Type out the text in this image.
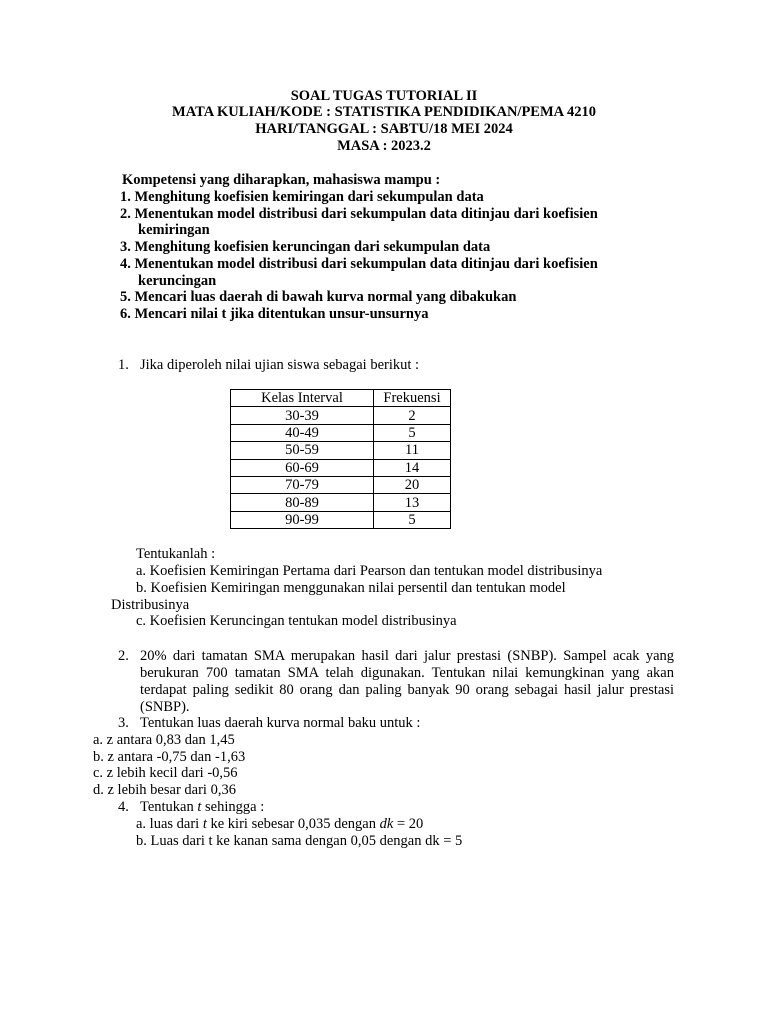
SOAL TUGAS TUTORIAL II
MATA KULIAH/KODE : STATISTIKA PENDIDIKAN/PEMA 4210
HARI/TANGGAL : SABTU/18 MEI 2024
MASA : 2023.2
Kompetensi yang diharapkan, mahasiswa mampu :
1. Menghitung koefisien kemiringan dari sekumpulan data
2. Menentukan model distribusi dari sekumpulan data ditinjau dari koefisien
kemiringan
3. Menghitung koefisien keruncingan dari sekumpulan data
4. Menentukan model distribusi dari sekumpulan data ditinjau dari koefisien
keruncingan
5. Mencari luas daerah di bawah kurva normal yang dibakukan
6. Mencari nilai t jika ditentukan unsur-unsurnya
1. Jika diperoleh nilai ujian siswa sebagai berikut :
Kelas Interval	Frekuensi
30-39	2
40-49	5
50-59	11
60-69	14
70-79	20
80-89	13
90-99	5
Tentukanlah :
a. Koefisien Kemiringan Pertama dari Pearson dan tentukan model distribusinya
b. Koefisien Kemiringan menggunakan nilai persentil dan tentukan model
Distribusinya
c. Koefisien Keruncingan tentukan model distribusinya
2. 20% dari tamatan SMA merupakan hasil dari jalur prestasi (SNBP). Sampel acak yang berukuran 700 tamatan SMA telah digunakan. Tentukan nilai kemungkinan yang akan terdapat paling sedikit 80 orang dan paling banyak 90 orang sebagai hasil jalur prestasi (SNBP).
3. Tentukan luas daerah kurva normal baku untuk :
a. z antara 0,83 dan 1,45
b. z antara -0,75 dan -1,63
c. z lebih kecil dari -0,56
d. z lebih besar dari 0,36
4. Tentukan t sehingga :
a. luas dari t ke kiri sebesar 0,035 dengan dk = 20
b. Luas dari t ke kanan sama dengan 0,05 dengan dk = 5
